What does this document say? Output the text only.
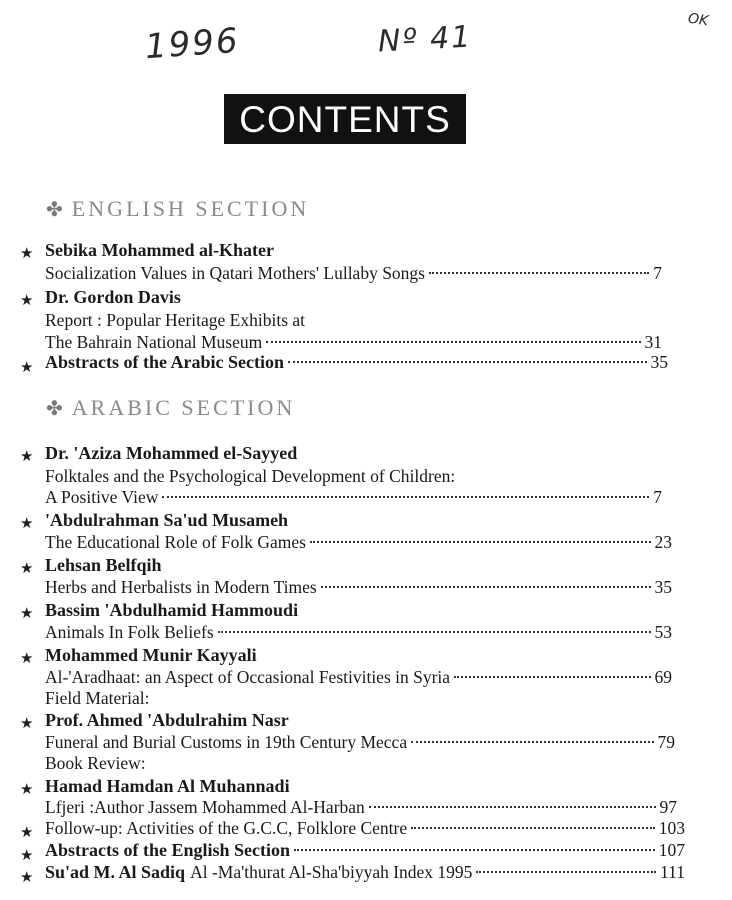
1996	Nº 41	OK
CONTENTS
✤ ENGLISH SECTION
★ Sebika Mohammed al-Khater
Socialization Values in Qatari Mothers' Lullaby Songs	7
★ Dr. Gordon Davis
Report : Popular Heritage Exhibits at
The Bahrain National Museum	31
★ Abstracts of the Arabic Section	35
✤ ARABIC SECTION
★ Dr. 'Aziza Mohammed el-Sayyed
Folktales and the Psychological Development of Children:
A Positive View	7
★ 'Abdulrahman Sa'ud Musameh
The Educational Role of Folk Games	23
★ Lehsan Belfqih
Herbs and Herbalists in Modern Times	35
★ Bassim 'Abdulhamid Hammoudi
Animals In Folk Beliefs	53
★ Mohammed Munir Kayyali
Al-'Aradhaat: an Aspect of Occasional Festivities in Syria	69
Field Material:
★ Prof. Ahmed 'Abdulrahim Nasr
Funeral and Burial Customs in 19th Century Mecca	79
Book Review:
★ Hamad Hamdan Al Muhannadi
Lfjeri :Author Jassem Mohammed Al-Harban	97
★ Follow-up: Activities of the G.C.C, Folklore Centre	103
★ Abstracts of the English Section	107
★ Su'ad M. Al Sadiq Al -Ma'thurat Al-Sha'biyyah Index 1995	111
